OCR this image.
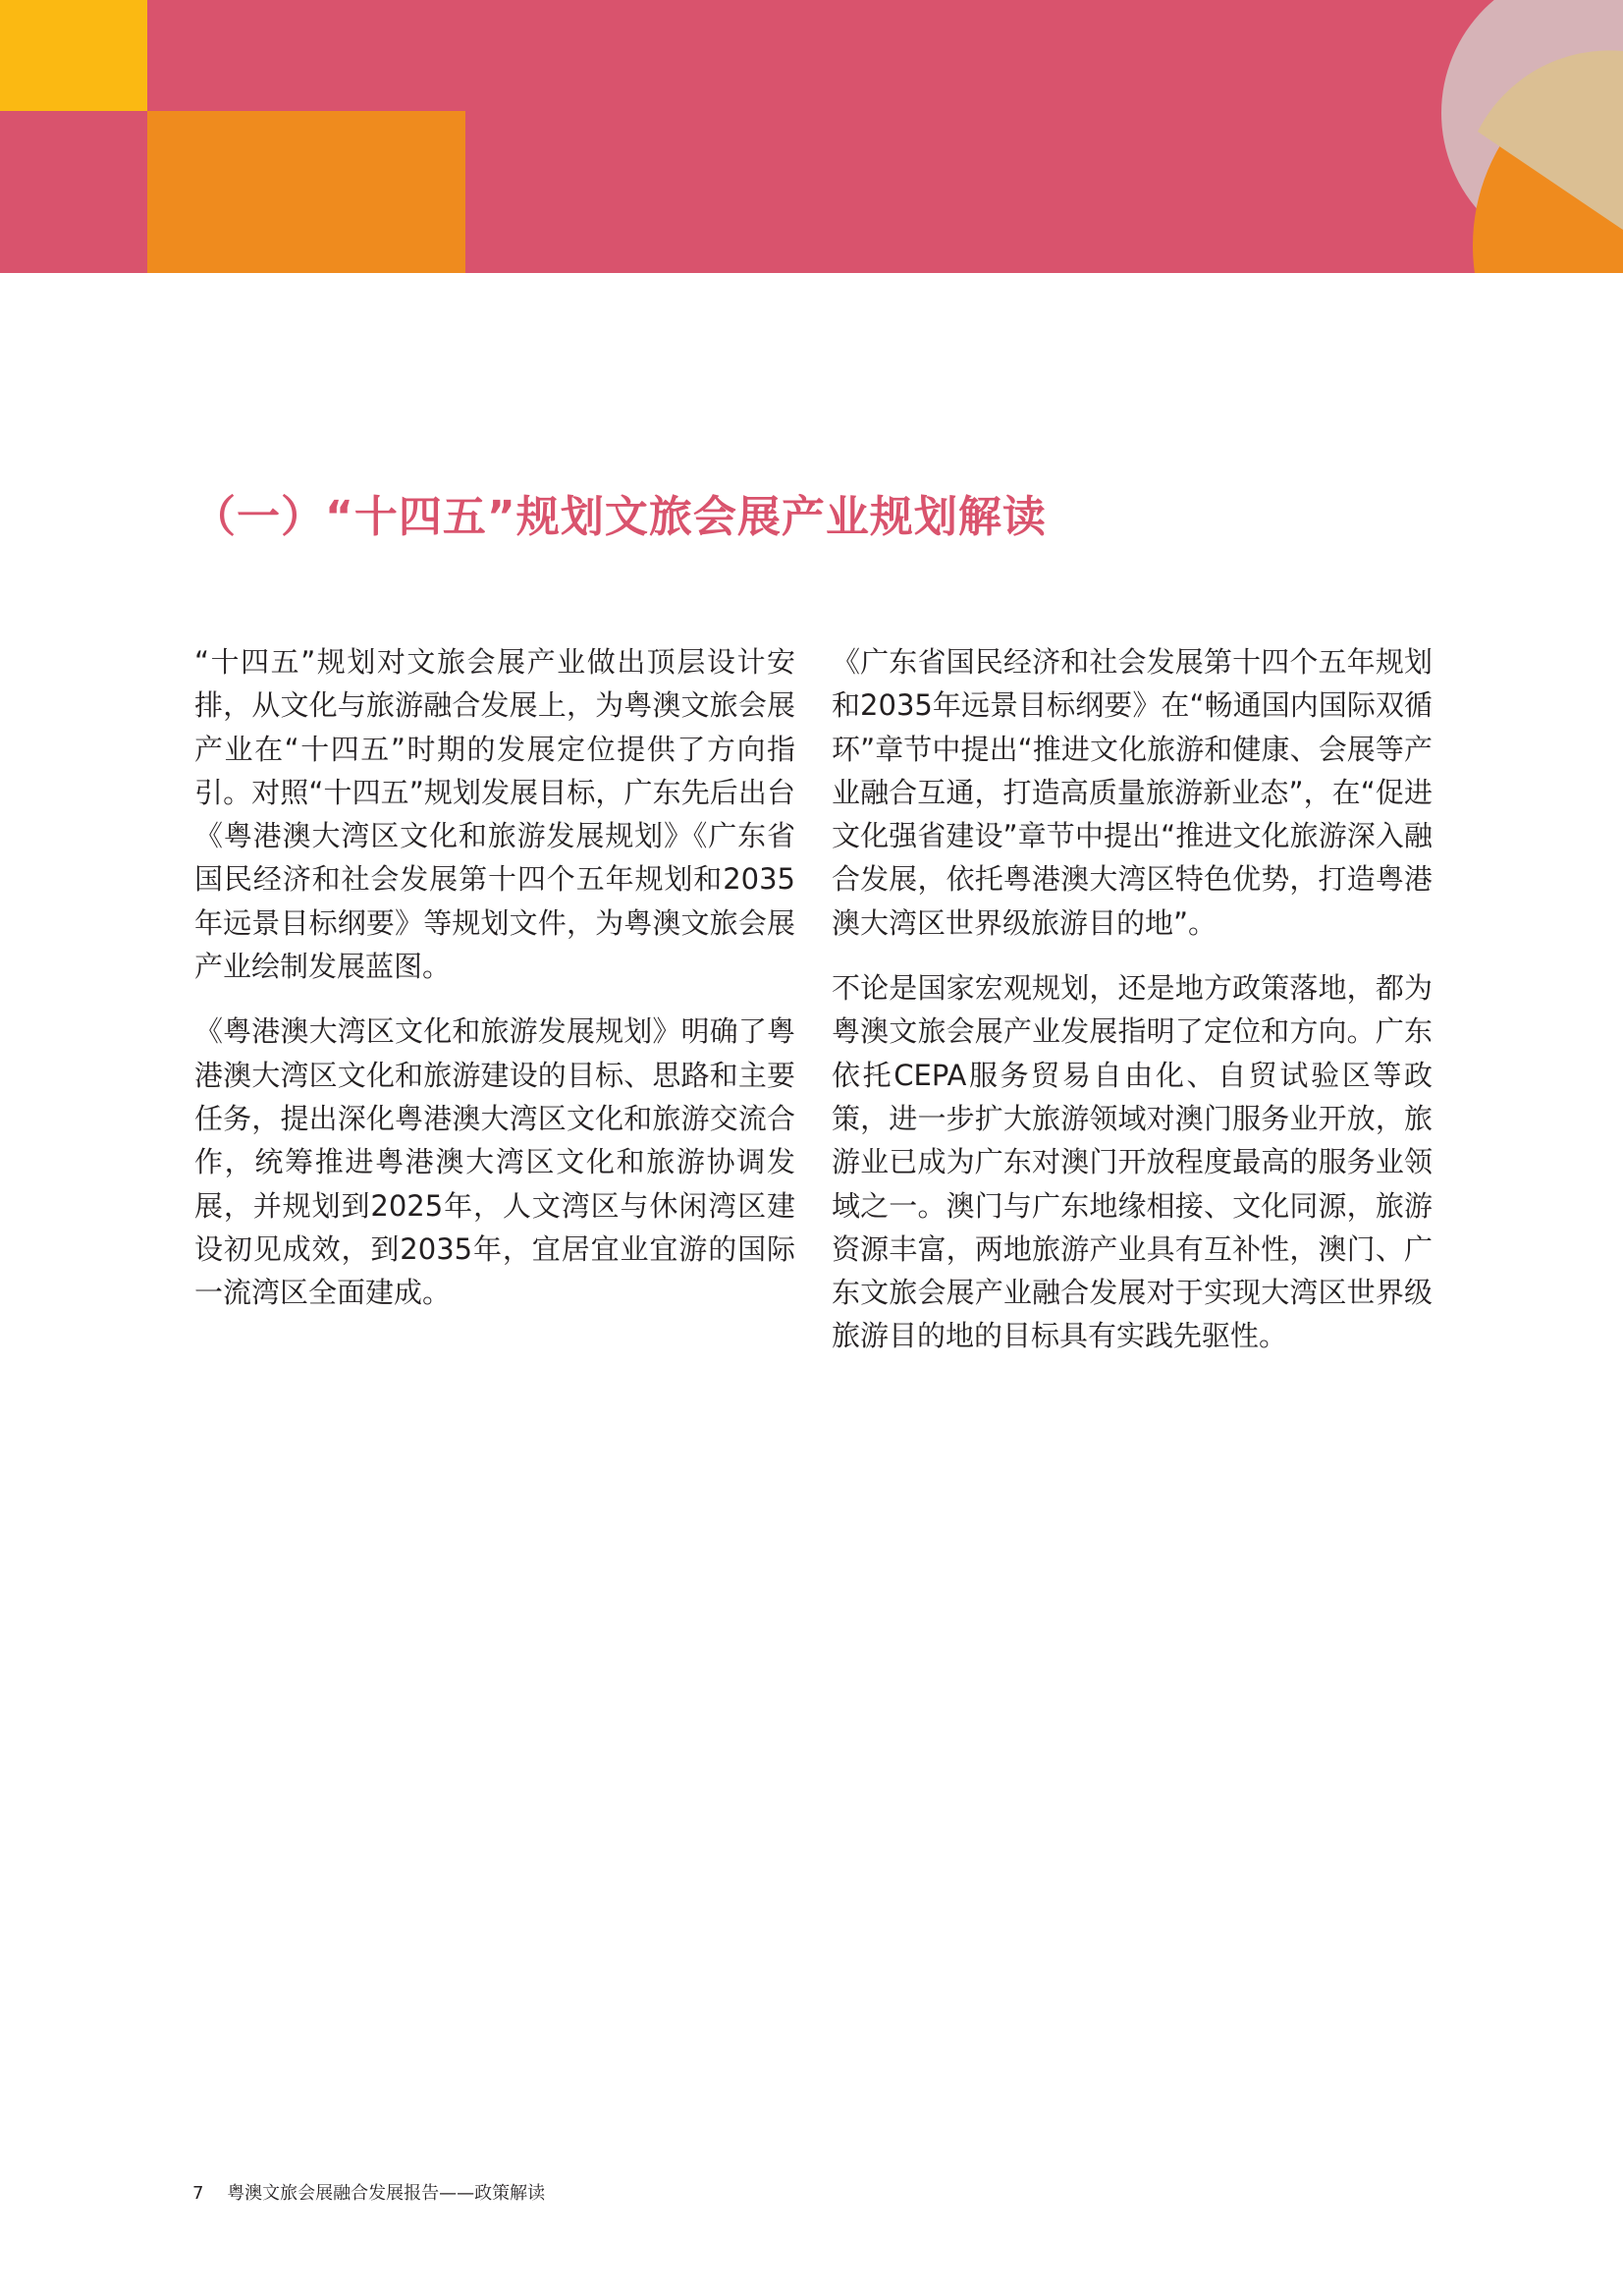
（一）“十四五”规划文旅会展产业规划解读

“十四五”规划对文旅会展产业做出顶层设计安排，从文化与旅游融合发展上，为粤澳文旅会展产业在“十四五”时期的发展定位提供了方向指引。对照“十四五”规划发展目标，广东先后出台《粤港澳大湾区文化和旅游发展规划》《广东省国民经济和社会发展第十四个五年规划和2035年远景目标纲要》等规划文件，为粤澳文旅会展产业绘制发展蓝图。

《粤港澳大湾区文化和旅游发展规划》明确了粤港澳大湾区文化和旅游建设的目标、思路和主要任务，提出深化粤港澳大湾区文化和旅游交流合作，统筹推进粤港澳大湾区文化和旅游协调发展，并规划到2025年，人文湾区与休闲湾区建设初见成效，到2035年，宜居宜业宜游的国际一流湾区全面建成。

《广东省国民经济和社会发展第十四个五年规划和2035年远景目标纲要》在“畅通国内国际双循环”章节中提出“推进文化旅游和健康、会展等产业融合互通，打造高质量旅游新业态”，在“促进文化强省建设”章节中提出“推进文化旅游深入融合发展，依托粤港澳大湾区特色优势，打造粤港澳大湾区世界级旅游目的地”。

不论是国家宏观规划，还是地方政策落地，都为粤澳文旅会展产业发展指明了定位和方向。广东依托CEPA服务贸易自由化、自贸试验区等政策，进一步扩大旅游领域对澳门服务业开放，旅游业已成为广东对澳门开放程度最高的服务业领域之一。澳门与广东地缘相接、文化同源，旅游资源丰富，两地旅游产业具有互补性，澳门、广东文旅会展产业融合发展对于实现大湾区世界级旅游目的地的目标具有实践先驱性。

7 粤澳文旅会展融合发展报告——政策解读
